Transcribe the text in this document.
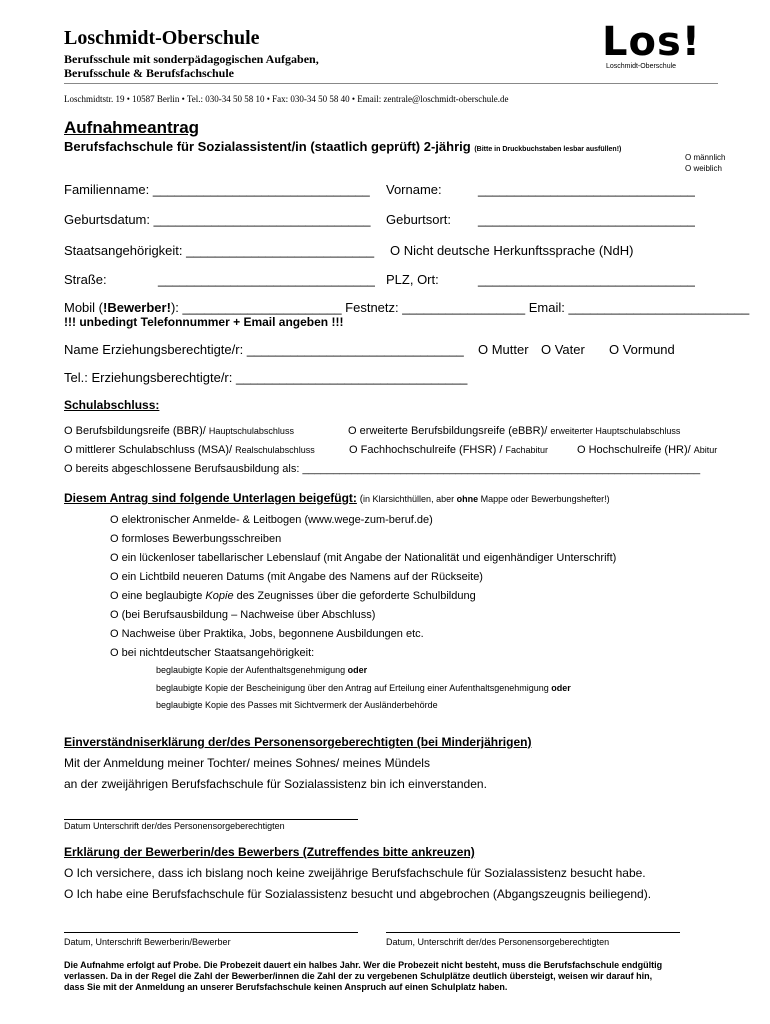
Loschmidt-Oberschule
Berufsschule mit sonderpädagogischen Aufgaben,
Berufsschule & Berufsfachschule
Los!
Loschmidt-Oberschule
Loschmidtstr. 19 • 10587 Berlin • Tel.: 030-34 50 58 10 • Fax: 030-34 50 58 40 • Email: zentrale@loschmidt-oberschule.de
Aufnahmeantrag
Berufsfachschule für Sozialassistent/in (staatlich geprüft) 2-jährig (Bitte in Druckbuchstaben lesbar ausfüllen!)
O männlich
O weiblich
Familienname: ______________________________ Vorname:	______________________________
Geburtsdatum: ______________________________ Geburtsort: ______________________________
Staatsangehörigkeit: __________________________ O Nicht deutsche Herkunftssprache (NdH)
Straße:	______________________________ PLZ, Ort:	______________________________
Mobil (!Bewerber!): ______________________ Festnetz: _________________ Email: _________________________
!!! unbedingt Telefonnummer + Email angeben !!!
Name Erziehungsberechtigte/r: ______________________________ O Mutter O Vater O Vormund
Tel.: Erziehungsberechtigte/r: ________________________________
Schulabschluss:
O Berufsbildungsreife (BBR)/ Hauptschulabschluss	O erweiterte Berufsbildungsreife (eBBR)/ erweiterter Hauptschulabschluss
O mittlerer Schulabschluss (MSA)/ Realschulabschluss	O Fachhochschulreife (FHSR) / Fachabitur	O Hochschulreife (HR)/ Abitur
O bereits abgeschlossene Berufsausbildung als: _________________________________________________________________
Diesem Antrag sind folgende Unterlagen beigefügt: (in Klarsichthüllen, aber ohne Mappe oder Bewerbungshefter!)
O elektronischer Anmelde- & Leitbogen (www.wege-zum-beruf.de)
O formloses Bewerbungsschreiben
O ein lückenloser tabellarischer Lebenslauf (mit Angabe der Nationalität und eigenhändiger Unterschrift)
O ein Lichtbild neueren Datums (mit Angabe des Namens auf der Rückseite)
O eine beglaubigte Kopie des Zeugnisses über die geforderte Schulbildung
O (bei Berufsausbildung – Nachweise über Abschluss)
O Nachweise über Praktika, Jobs, begonnene Ausbildungen etc.
O bei nichtdeutscher Staatsangehörigkeit:
beglaubigte Kopie der Aufenthaltsgenehmigung oder
beglaubigte Kopie der Bescheinigung über den Antrag auf Erteilung einer Aufenthaltsgenehmigung oder
beglaubigte Kopie des Passes mit Sichtvermerk der Ausländerbehörde
Einverständniserklärung der/des Personensorgeberechtigten (bei Minderjährigen)
Mit der Anmeldung meiner Tochter/ meines Sohnes/ meines Mündels
an der zweijährigen Berufsfachschule für Sozialassistenz bin ich einverstanden.
Datum Unterschrift der/des Personensorgeberechtigten
Erklärung der Bewerberin/des Bewerbers (Zutreffendes bitte ankreuzen)
O Ich versichere, dass ich bislang noch keine zweijährige Berufsfachschule für Sozialassistenz besucht habe.
O Ich habe eine Berufsfachschule für Sozialassistenz besucht und abgebrochen (Abgangszeugnis beiliegend).
Datum, Unterschrift Bewerberin/Bewerber	Datum, Unterschrift der/des Personensorgeberechtigten
Die Aufnahme erfolgt auf Probe. Die Probezeit dauert ein halbes Jahr. Wer die Probezeit nicht besteht, muss die Berufsfachschule endgültig
verlassen. Da in der Regel die Zahl der Bewerber/innen die Zahl der zu vergebenen Schulplätze deutlich übersteigt, weisen wir darauf hin,
dass Sie mit der Anmeldung an unserer Berufsfachschule keinen Anspruch auf einen Schulplatz haben.
